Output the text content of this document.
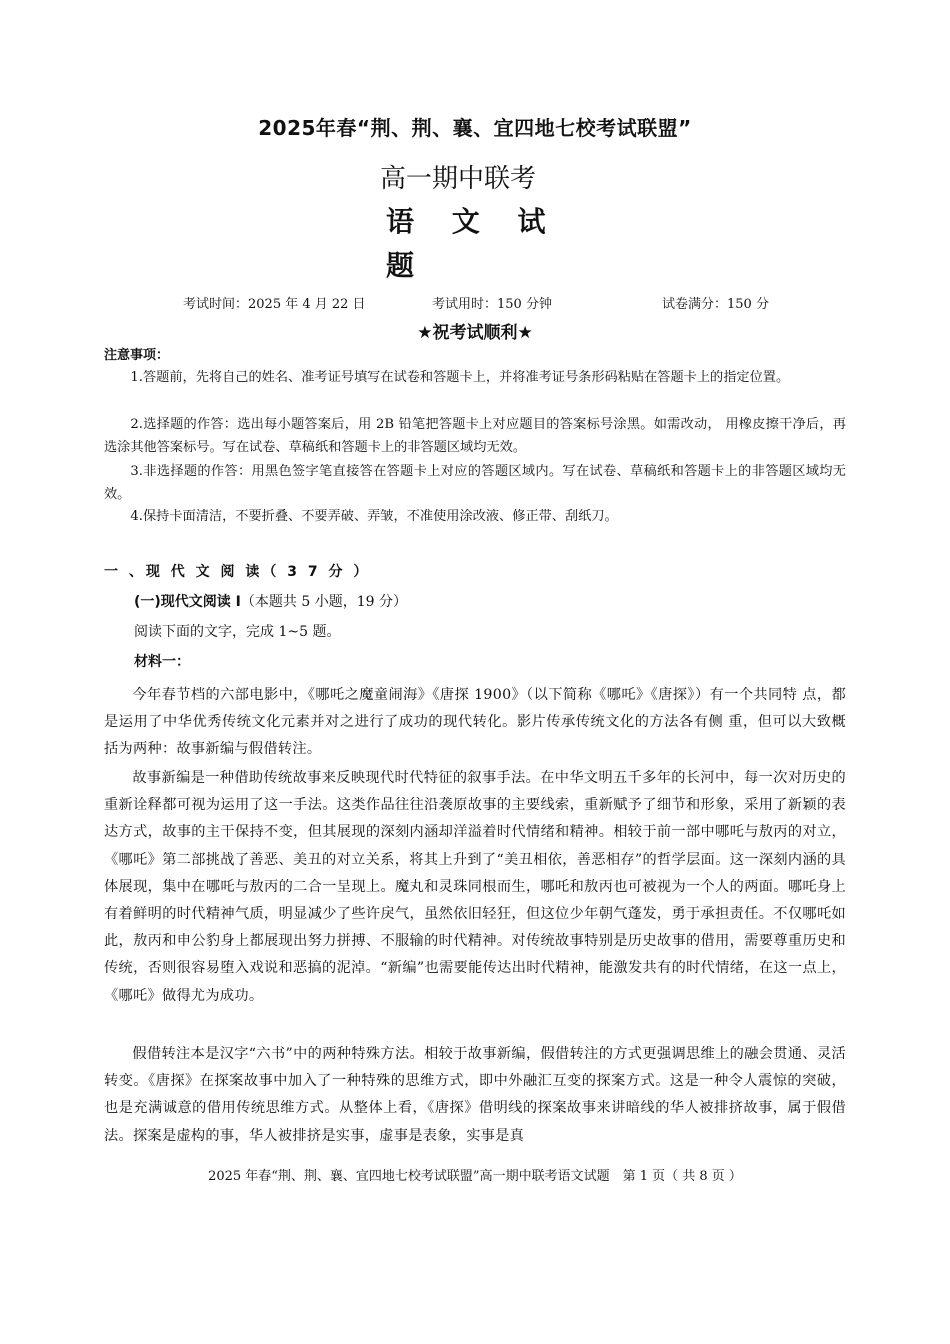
2025年春“荆、荆、襄、宜四地七校考试联盟”
高一期中联考
语 文 试
题
考试时间：2025 年 4 月 22 日	考试用时：150 分钟	试卷满分：150 分
★祝考试顺利★
注意事项：

1.答题前，先将自己的姓名、准考证号填写在试卷和答题卡上，并将准考证号条形码粘贴在答题卡上的指定位置。

2.选择题的作答：选出每小题答案后，用 2B 铅笔把答题卡上对应题目的答案标号涂黑。如需改动， 用橡皮擦干净后，再选涂其他答案标号。写在试卷、草稿纸和答题卡上的非答题区域均无效。

3.非选择题的作答：用黑色签字笔直接答在答题卡上对应的答题区域内。写在试卷、草稿纸和答题卡上的非答题区域均无效。

4.保持卡面清洁，不要折叠、不要弄破、弄皱，不准使用涂改液、修正带、刮纸刀。

一 、现 代 文 阅 读（ 3 7 分 ）
(一)现代文阅读 I（本题共 5 小题，19 分）
阅读下面的文字，完成 1~5 题。
材料一：

今年春节档的六部电影中，《哪吒之魔童闹海》《唐探 1900》（以下简称《哪吒》《唐探》）有一个共同特 点，都是运用了中华优秀传统文化元素并对之进行了成功的现代转化。影片传承传统文化的方法各有侧 重，但可以大致概括为两种：故事新编与假借转注。

故事新编是一种借助传统故事来反映现代时代特征的叙事手法。在中华文明五千多年的长河中，每一次对历史的重新诠释都可视为运用了这一手法。这类作品往往沿袭原故事的主要线索，重新赋予了细节和形象，采用了新颖的表达方式，故事的主干保持不变，但其展现的深刻内涵却洋溢着时代情绪和精神。相较于前一部中哪吒与敖丙的对立，《哪吒》第二部挑战了善恶、美丑的对立关系，将其上升到了“美丑相依，善恶相存”的哲学层面。这一深刻内涵的具体展现，集中在哪吒与敖丙的二合一呈现上。魔丸和灵珠同根而生，哪吒和敖丙也可被视为一个人的两面。哪吒身上有着鲜明的时代精神气质，明显减少了些许戾气，虽然依旧轻狂，但这位少年朝气蓬发，勇于承担责任。不仅哪吒如此，敖丙和申公豹身上都展现出努力拼搏、不服输的时代精神。对传统故事特别是历史故事的借用，需要尊重历史和传统，否则很容易堕入戏说和恶搞的泥淖。“新编”也需要能传达出时代精神，能激发共有的时代情绪，在这一点上，《哪吒》做得尤为成功。

假借转注本是汉字“六书”中的两种特殊方法。相较于故事新编，假借转注的方式更强调思维上的融会贯通、灵活转变。《唐探》在探案故事中加入了一种特殊的思维方式，即中外融汇互变的探案方式。这是一种令人震惊的突破，也是充满诚意的借用传统思维方式。从整体上看，《唐探》借明线的探案故事来讲暗线的华人被排挤故事，属于假借法。探案是虚构的事，华人被排挤是实事，虚事是表象，实事是真

2025 年春“荆、荆、襄、宜四地七校考试联盟”高一期中联考语文试题　第 1 页（ 共 8 页 ）
